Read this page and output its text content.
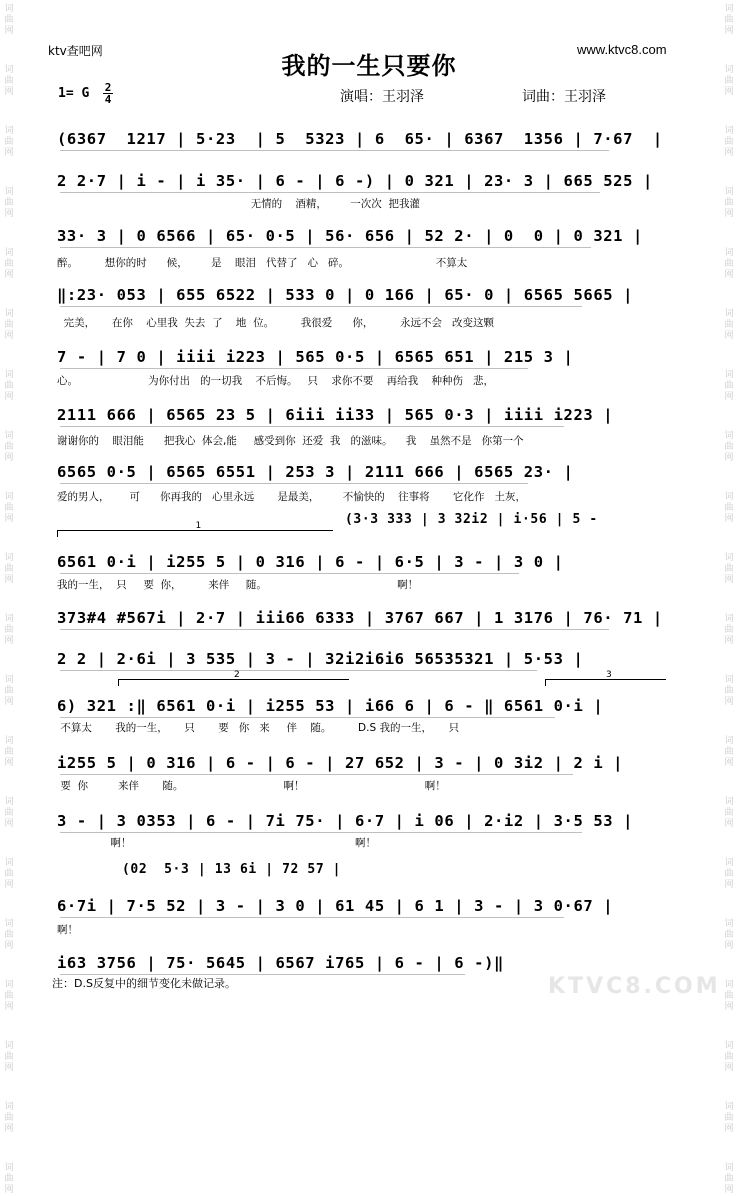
词
曲
网
词
曲
网
词
曲
网
词
曲
网
词
曲
网
词
曲
网
词
曲
网
词
曲
网
词
曲
网
词
曲
网
词
曲
网
词
曲
网
词
曲
网
词
曲
网
词
曲
网
词
曲
网
词
曲
网
词
曲
网
词
曲
网
词
曲
网
词
曲
网
词
曲
网
词
曲
网
词
曲
网
词
曲
网
词
曲
网
词
曲
网
词
曲
网
词
曲
网
词
曲
网
词
曲
网
词
曲
网
词
曲
网
词
曲
网
词
曲
网
词
曲
网
词
曲
网
词
曲
网
词
曲
网
词
曲
网
ktv查吧网	www.ktvc8.com
我的一生只要你
1= G 2
4	演唱：王羽泽	词曲：王羽泽
(6367  1217 | 5·23  | 5  5323 | 6  65· | 6367  1356 | 7·67  |
2 2·7 | i - | i 35· | 6 - | 6 -) | 0 321 | 23· 3 | 665 525 |
无情的    酒精，       一次次  把我灌
33· 3 | 0 6566 | 65· 0·5 | 56· 656 | 52 2· | 0  0 | 0 321 |
醉。        想你的时      候，       是    眼泪   代替了   心   碎。                          不算太
‖:23· 053 | 655 6522 | 533 0 | 0 166 | 65· 0 | 6565 5665 |
完美，     在你    心里我  失去  了    地  位。        我很爱      你，        永远不会   改变这颗
7 - | 7 0 | iiii i223 | 565 0·5 | 6565 651 | 215 3 |
心。                     为你付出   的一切我    不后悔。   只    求你不要    再给我    种种伤   悲，
2111 666 | 6565 23 5 | 6iii ii33 | 565 0·3 | iiii i223 |
谢谢你的    眼泪能      把我心  体会,能     感受到你  还爱  我   的滋味。    我    虽然不是   你第一个
6565 0·5 | 6565 6551 | 253 3 | 2111 666 | 6565 23· |
爱的男人，      可      你再我的   心里永远       是最美，       不愉快的    往事将       它化作   土灰，
6561 0·i | i255 5 | 0 316 | 6 - | 6·5 | 3 - | 3 0 |
我的一生，  只     要  你，        来伴     随。                                       啊！
373#4 #567i | 2·7 | iii66 6333 | 3767 667 | 1 3176 | 76· 71 |
2 2 | 2·6i | 3 535 | 3 - | 32i2i6i6 56535321 | 5·53 |
6) 321 :‖ 6561 0·i | i255 53 | i66 6 | 6 - ‖ 6561 0·i |
不算太       我的一生，     只       要   你   来     伴    随。        D.S 我的一生，     只
i255 5 | 0 316 | 6 - | 6 - | 27 652 | 3 - | 0 3i2 | 2 i |
要  你         来伴       随。                              啊！                                    啊！
3 - | 3 0353 | 6 - | 7i 75· | 6·7 | i 06 | 2·i2 | 3·5 53 |
啊！                                                                   啊！
6·7i | 7·5 52 | 3 - | 3 0 | 61 45 | 6 1 | 3 - | 3 0·67 |
啊！
i63 3756 | 75· 5645 | 6567 i765 | 6 - | 6 -)‖
(3·3 333 | 3 32i2 | i·56 | 5 -
(02  5·3 | 13 6i | 72 57 |
1
2	3
注：D.S反复中的细节变化未做记录。	KTVC8.COM
